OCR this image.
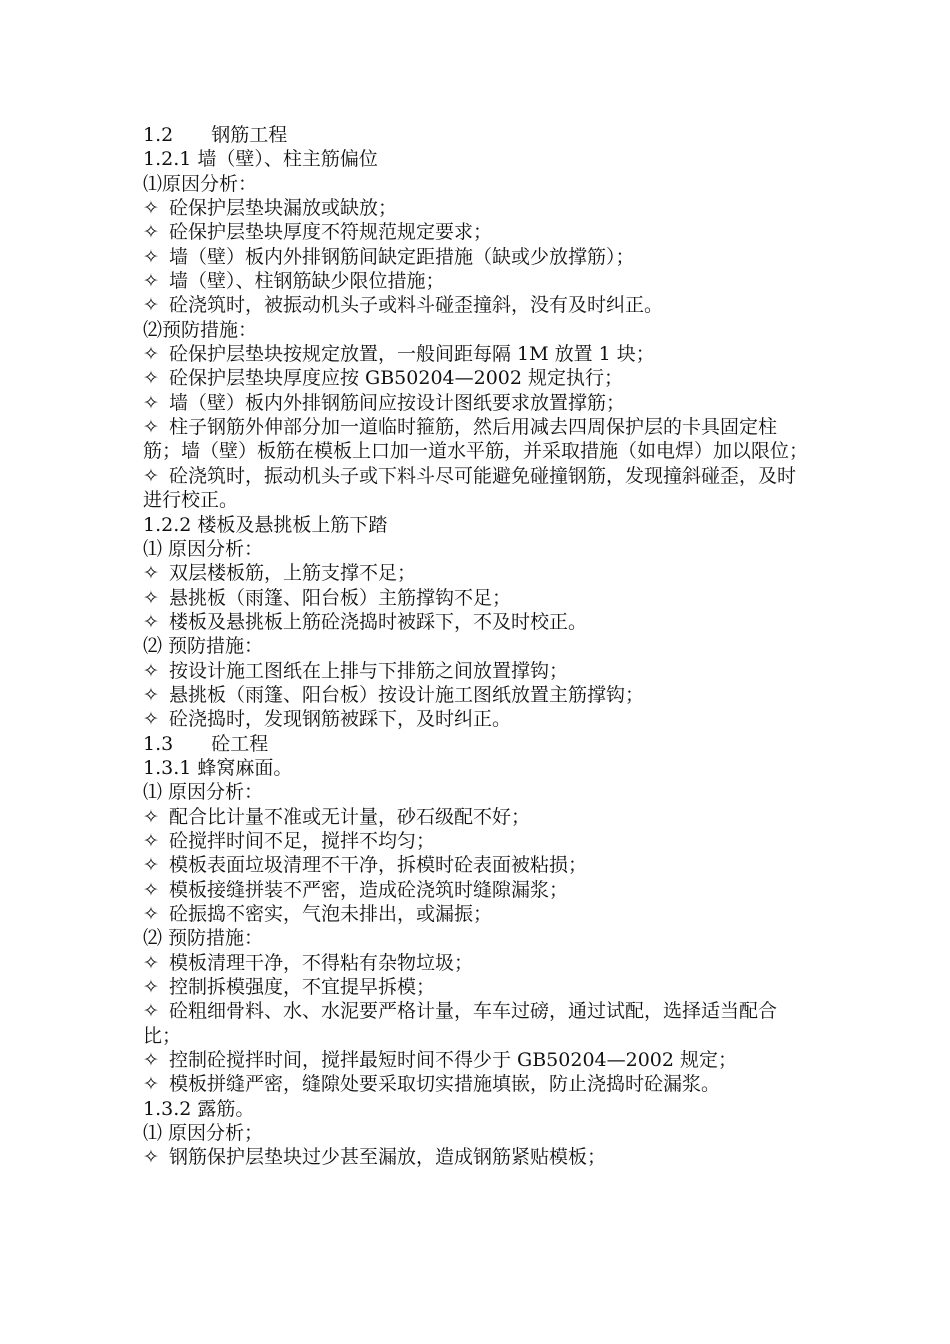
1.2　　钢筋工程
1.2.1 墙（壁）、柱主筋偏位
⑴原因分析：
✧ 砼保护层垫块漏放或缺放；
✧ 砼保护层垫块厚度不符规范规定要求；
✧ 墙（壁）板内外排钢筋间缺定距措施（缺或少放撑筋）；
✧ 墙（壁）、柱钢筋缺少限位措施；
✧ 砼浇筑时，被振动机头子或料斗碰歪撞斜，没有及时纠正。
⑵预防措施：
✧ 砼保护层垫块按规定放置，一般间距每隔 1M 放置 1 块；
✧ 砼保护层垫块厚度应按 GB50204—2002 规定执行；
✧ 墙（壁）板内外排钢筋间应按设计图纸要求放置撑筋；
✧ 柱子钢筋外伸部分加一道临时箍筋，然后用减去四周保护层的卡具固定柱筋；墙（壁）板筋在模板上口加一道水平筋，并采取措施（如电焊）加以限位；
✧ 砼浇筑时，振动机头子或下料斗尽可能避免碰撞钢筋，发现撞斜碰歪，及时进行校正。
1.2.2 楼板及悬挑板上筋下踏
⑴ 原因分析：
✧ 双层楼板筋，上筋支撑不足；
✧ 悬挑板（雨篷、阳台板）主筋撑钩不足；
✧ 楼板及悬挑板上筋砼浇捣时被踩下，不及时校正。
⑵ 预防措施：
✧ 按设计施工图纸在上排与下排筋之间放置撑钩；
✧ 悬挑板（雨篷、阳台板）按设计施工图纸放置主筋撑钩；
✧ 砼浇捣时，发现钢筋被踩下，及时纠正。
1.3　　砼工程
1.3.1 蜂窝麻面。
⑴ 原因分析：
✧ 配合比计量不准或无计量，砂石级配不好；
✧ 砼搅拌时间不足，搅拌不均匀；
✧ 模板表面垃圾清理不干净，拆模时砼表面被粘损；
✧ 模板接缝拼装不严密，造成砼浇筑时缝隙漏浆；
✧ 砼振捣不密实，气泡未排出，或漏振；
⑵ 预防措施：
✧ 模板清理干净，不得粘有杂物垃圾；
✧ 控制拆模强度，不宜提早拆模；
✧ 砼粗细骨料、水、水泥要严格计量，车车过磅，通过试配，选择适当配合比；
✧ 控制砼搅拌时间，搅拌最短时间不得少于 GB50204—2002 规定；
✧ 模板拼缝严密，缝隙处要采取切实措施填嵌，防止浇捣时砼漏浆。
1.3.2 露筋。
⑴ 原因分析；
✧ 钢筋保护层垫块过少甚至漏放，造成钢筋紧贴模板；
